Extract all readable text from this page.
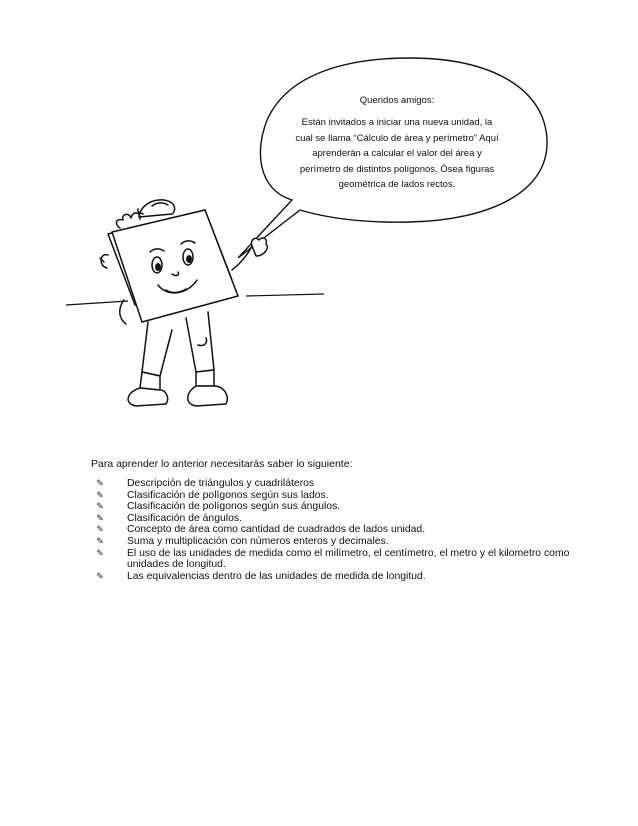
Queridos amigos:
Están invitados a iniciar una nueva unidad, la cual se llama “Cálculo de área y perímetro” Aquí aprenderán a calcular el valor del área y perímetro de distintos polígonos. Ósea figuras geométrica de lados rectos.
Para aprender lo anterior necesitarás saber lo siguiente:
✎	Descripción de triángulos y cuadriláteros
✎	Clasificación de polígonos según sus lados.
✎	Clasificación de polígonos según sus ángulos.
✎	Clasificación de ángulos.
✎	Concepto de área como cantidad de cuadrados de lados unidad.
✎	Suma y multiplicación con números enteros y decimales.
✎	El uso de las unidades de medida como el milímetro, el centímetro, el metro y el kilometro como unidades de longitud.
✎	Las equivalencias dentro de las unidades de medida de longitud.
